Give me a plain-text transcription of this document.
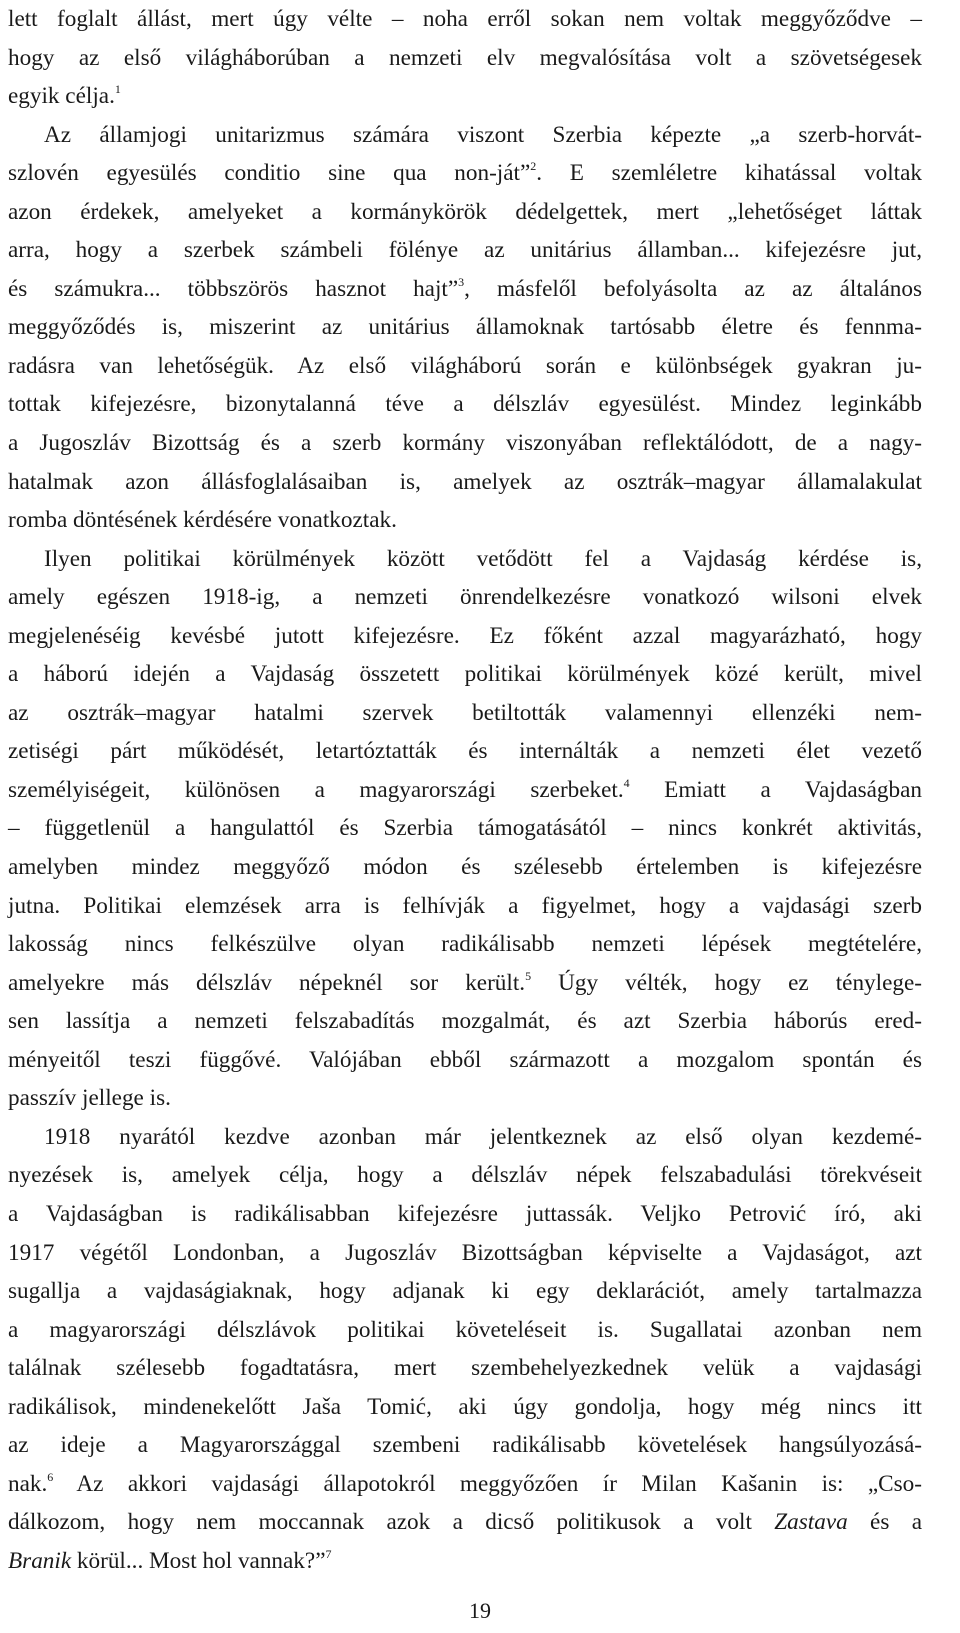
lett foglalt állást, mert úgy vélte – noha erről sokan nem voltak meggyőződve –
hogy az első világháborúban a nemzeti elv megvalósítása volt a szövetségesek
egyik célja.$^1$
Az államjogi unitarizmus számára viszont Szerbia képezte „a szerb-horvát-
szlovén egyesülés conditio sine qua non-ját”$^2$. E szemléletre kihatással voltak
azon érdekek, amelyeket a kormánykörök dédelgettek, mert „lehetőséget láttak
arra, hogy a szerbek számbeli fölénye az unitárius államban... kifejezésre jut,
és számukra... többszörös hasznot hajt”$^3$, másfelől befolyásolta az az általános
meggyőződés is, miszerint az unitárius államoknak tartósabb életre és fennma-
radásra van lehetőségük. Az első világháború során e különbségek gyakran ju-
tottak kifejezésre, bizonytalanná téve a délszláv egyesülést. Mindez leginkább
a Jugoszláv Bizottság és a szerb kormány viszonyában reflektálódott, de a nagy-
hatalmak azon állásfoglalásaiban is, amelyek az osztrák–magyar államalakulat
romba döntésének kérdésére vonatkoztak.
Ilyen politikai körülmények között vetődött fel a Vajdaság kérdése is,
amely egészen 1918-ig, a nemzeti önrendelkezésre vonatkozó wilsoni elvek
megjelenéséig kevésbé jutott kifejezésre. Ez főként azzal magyarázható, hogy
a háború idején a Vajdaság összetett politikai körülmények közé került, mivel
az osztrák–magyar hatalmi szervek betiltották valamennyi ellenzéki nem-
zetiségi párt működését, letartóztatták és internálták a nemzeti élet vezető
személyiségeit, különösen a magyarországi szerbeket.$^4$ Emiatt a Vajdaságban
– függetlenül a hangulattól és Szerbia támogatásától – nincs konkrét aktivitás,
amelyben mindez meggyőző módon és szélesebb értelemben is kifejezésre
jutna. Politikai elemzések arra is felhívják a figyelmet, hogy a vajdasági szerb
lakosság nincs felkészülve olyan radikálisabb nemzeti lépések megtételére,
amelyekre más délszláv népeknél sor került.$^5$ Úgy vélték, hogy ez ténylege-
sen lassítja a nemzeti felszabadítás mozgalmát, és azt Szerbia háborús ered-
ményeitől teszi függővé. Valójában ebből származott a mozgalom spontán és
passzív jellege is.
1918 nyarától kezdve azonban már jelentkeznek az első olyan kezdemé-
nyezések is, amelyek célja, hogy a délszláv népek felszabadulási törekvéseit
a Vajdaságban is radikálisabban kifejezésre juttassák. Veljko Petrović író, aki
1917 végétől Londonban, a Jugoszláv Bizottságban képviselte a Vajdaságot, azt
sugallja a vajdaságiaknak, hogy adjanak ki egy deklarációt, amely tartalmazza
a magyarországi délszlávok politikai követeléseit is. Sugallatai azonban nem
találnak szélesebb fogadtatásra, mert szembehelyezkednek velük a vajdasági
radikálisok, mindenekelőtt Jaša Tomić, aki úgy gondolja, hogy még nincs itt
az ideje a Magyarországgal szembeni radikálisabb követelések hangsúlyozásá-
nak.$^6$ Az akkori vajdasági állapotokról meggyőzően ír Milan Kašanin is: „Cso-
dálkozom, hogy nem moccannak azok a dicső politikusok a volt Zastava és a
Branik körül... Most hol vannak?”$^7$
19
